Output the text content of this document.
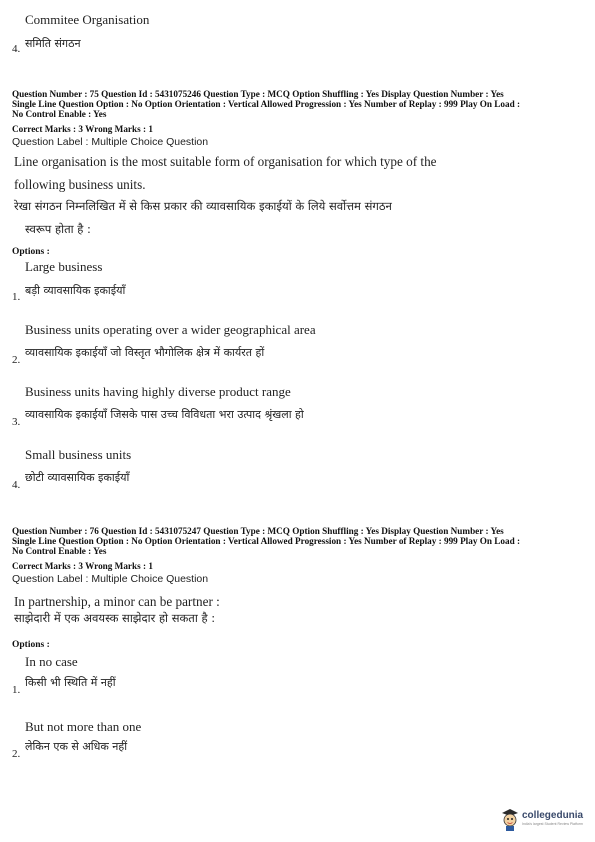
Commitee Organisation
4. समिति संगठन
Question Number : 75 Question Id : 5431075246 Question Type : MCQ Option Shuffling : Yes Display Question Number : Yes
Single Line Question Option : No Option Orientation : Vertical Allowed Progression : Yes Number of Replay : 999 Play On Load :
No Control Enable : Yes
Correct Marks : 3 Wrong Marks : 1
Question Label : Multiple Choice Question
Line organisation is the most suitable form of organisation for which type of the
following business units.
रेखा संगठन निम्नलिखित में से किस प्रकार की व्यावसायिक इकाईयों के लिये सर्वोत्तम संगठन
स्वरूप होता है :
Options :
Large business
बड़ी व्यावसायिक इकाईयाँ
1.
Business units operating over a wider geographical area
व्यावसायिक इकाईयाँ जो विस्तृत भौगोलिक क्षेत्र में कार्यरत हों
2.
Business units having highly diverse product range
व्यावसायिक इकाईयाँ जिसके पास उच्च विविधता भरा उत्पाद श्रृंखला हो
3.
Small business units
छोटी व्यावसायिक इकाईयाँ
4.
Question Number : 76 Question Id : 5431075247 Question Type : MCQ Option Shuffling : Yes Display Question Number : Yes
Single Line Question Option : No Option Orientation : Vertical Allowed Progression : Yes Number of Replay : 999 Play On Load :
No Control Enable : Yes
Correct Marks : 3 Wrong Marks : 1
Question Label : Multiple Choice Question
In partnership, a minor can be partner :
साझेदारी में एक अवयस्क साझेदार हो सकता है :
Options :
In no case
किसी भी स्थिति में नहीं
1.
But not more than one
लेकिन एक से अधिक नहीं
2.
collegedunia
India's largest Student Review Platform
